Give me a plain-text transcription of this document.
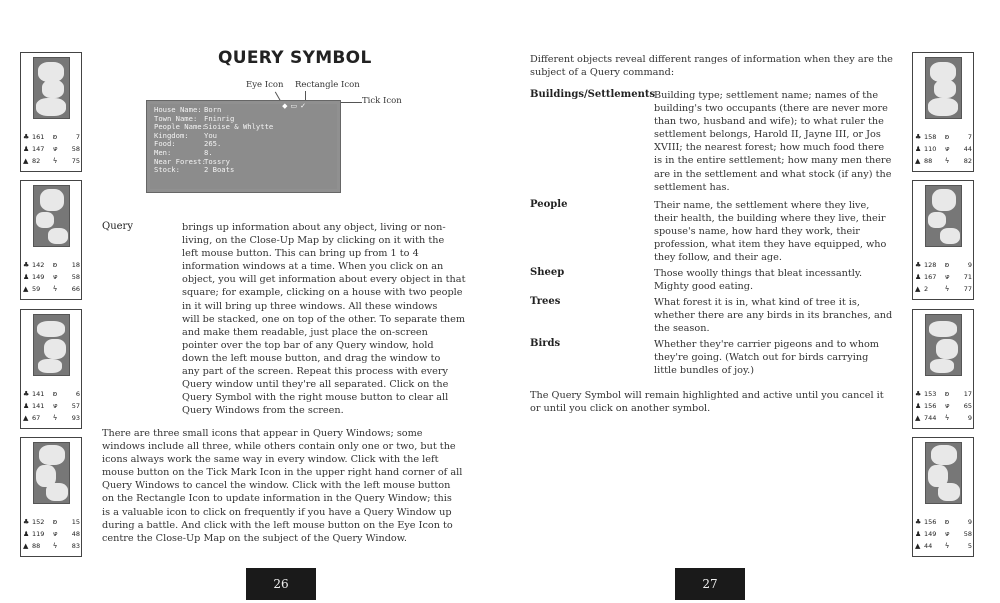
♣ 161	ʚ	7
♟ 147	ഴ	58
▲ 82	ϟ	75
♣ 142	ʚ	18
♟ 149	ഴ	58
▲ 59	ϟ	66
♣ 141	ʚ	6
♟ 141	ഴ	57
▲ 67	ϟ	93
♣ 152	ʚ	15
♟ 119	ഴ	48
▲ 88	ϟ	83
QUERY SYMBOL
Eye Icon Rectangle Icon
Tick Icon
◆ ▭ ✓
House Name: Born
Town Name: Fninrig
People Name:
Sioise & Whlytte
Kingdom:	You
Food:	265.
Men:	8.
Near Forest:
Tossry
Stock:	2 Boats
Query	brings up information about any object, living or non-
living, on the Close-Up Map by clicking on it with the
left mouse button. This can bring up from 1 to 4
information windows at a time. When you click on an
object, you will get information about every object in that
square; for example, clicking on a house with two people
in it will bring up three windows. All these windows
will be stacked, one on top of the other. To separate them
and make them readable, just place the on-screen
pointer over the top bar of any Query window, hold
down the left mouse button, and drag the window to
any part of the screen. Repeat this process with every
Query window until they're all separated. Click on the
Query Symbol with the right mouse button to clear all
Query Windows from the screen.
There are three small icons that appear in Query Windows; some
windows include all three, while others contain only one or two, but the
icons always work the same way in every window. Click with the left
mouse button on the Tick Mark Icon in the upper right hand corner of all
Query Windows to cancel the window. Click with the left mouse button
on the Rectangle Icon to update information in the Query Window; this
is a valuable icon to click on frequently if you have a Query Window up
during a battle. And click with the left mouse button on the Eye Icon to
centre the Close-Up Map on the subject of the Query Window.
26
♣ 158	ʚ	7
♟ 110	ഴ	44
▲ 88	ϟ	82
♣ 128	ʚ	9
♟ 167	ഴ	71
▲ 2	ϟ	77
♣ 153	ʚ	17
♟ 156	ഴ	65
▲ 744	ϟ	9
♣ 156	ʚ	9
♟ 149	ഴ	58
▲ 44	ϟ	5
27
Different objects reveal different ranges of information when they are the
subject of a Query command:
Buildings/Settlements
Building type; settlement name; names of the
building's two occupants (there are never more
than two, husband and wife); to what ruler the
settlement belongs, Harold II, Jayne III, or Jos
XVIII; the nearest forest; how much food there
is in the entire settlement; how many men there
are in the settlement and what stock (if any) the
settlement has.
People	Their name, the settlement where they live,
their health, the building where they live, their
spouse's name, how hard they work, their
profession, what item they have equipped, who
they follow, and their age.
Sheep	Those woolly things that bleat incessantly.
Mighty good eating.
Trees	What forest it is in, what kind of tree it is,
whether there are any birds in its branches, and
the season.
Birds	Whether they're carrier pigeons and to whom
they're going. (Watch out for birds carrying
little bundles of joy.)
The Query Symbol will remain highlighted and active until you cancel it
or until you click on another symbol.
